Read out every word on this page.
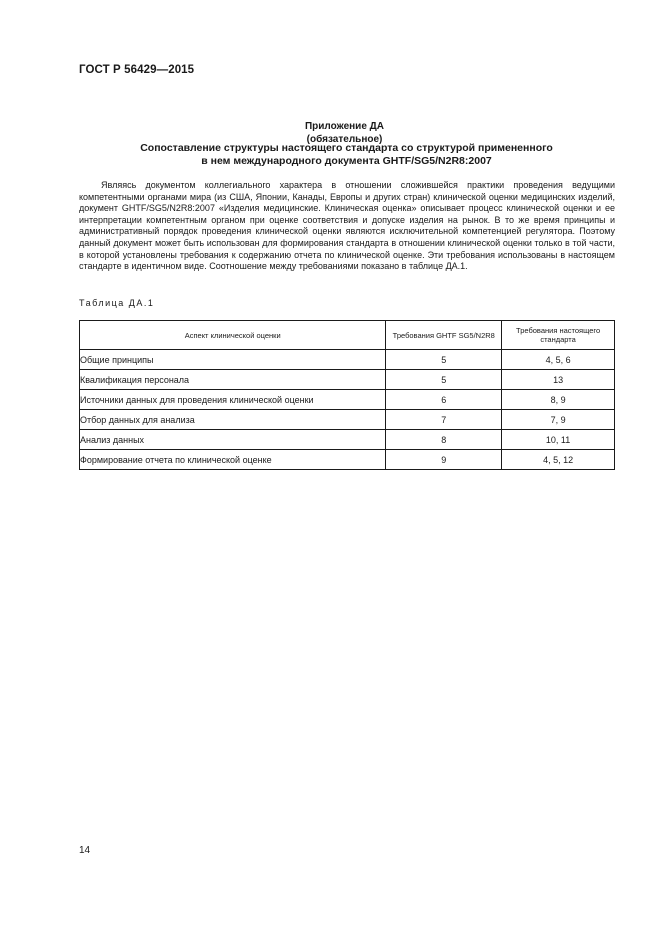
ГОСТ Р 56429—2015
Приложение ДА
(обязательное)
Сопоставление структуры настоящего стандарта со структурой примененного
в нем международного документа GHTF/SG5/N2R8:2007

Являясь документом коллегиального характера в отношении сложившейся практики проведения ведущими компетентными органами мира (из США, Японии, Канады, Европы и других стран) клинической оценки медицинских изделий, документ GHTF/SG5/N2R8:2007 «Изделия медицинские. Клиническая оценка» описывает процесс клинической оценки и ее интерпретации компетентным органом при оценке соответствия и допуске изделия на рынок. В то же время принципы и административный порядок проведения клинической оценки являются исключительной компетенцией регулятора. Поэтому данный документ может быть использован для формирования стандарта в отношении клинической оценки только в той части, в которой установлены требования к содержанию отчета по клинической оценке. Эти требования использованы в настоящем стандарте в идентичном виде. Соотношение между требованиями показано в таблице ДА.1.

Таблица ДА.1
Аспект клинической оценки	Требования GHTF SG5/N2R8	Требования настоящего стандарта
Общие принципы	5	4, 5, 6
Квалификация персонала	5	13
Источники данных для проведения клинической оценки	6	8, 9
Отбор данных для анализа	7	7, 9
Анализ данных	8	10, 11
Формирование отчета по клинической оценке	9	4, 5, 12
14
